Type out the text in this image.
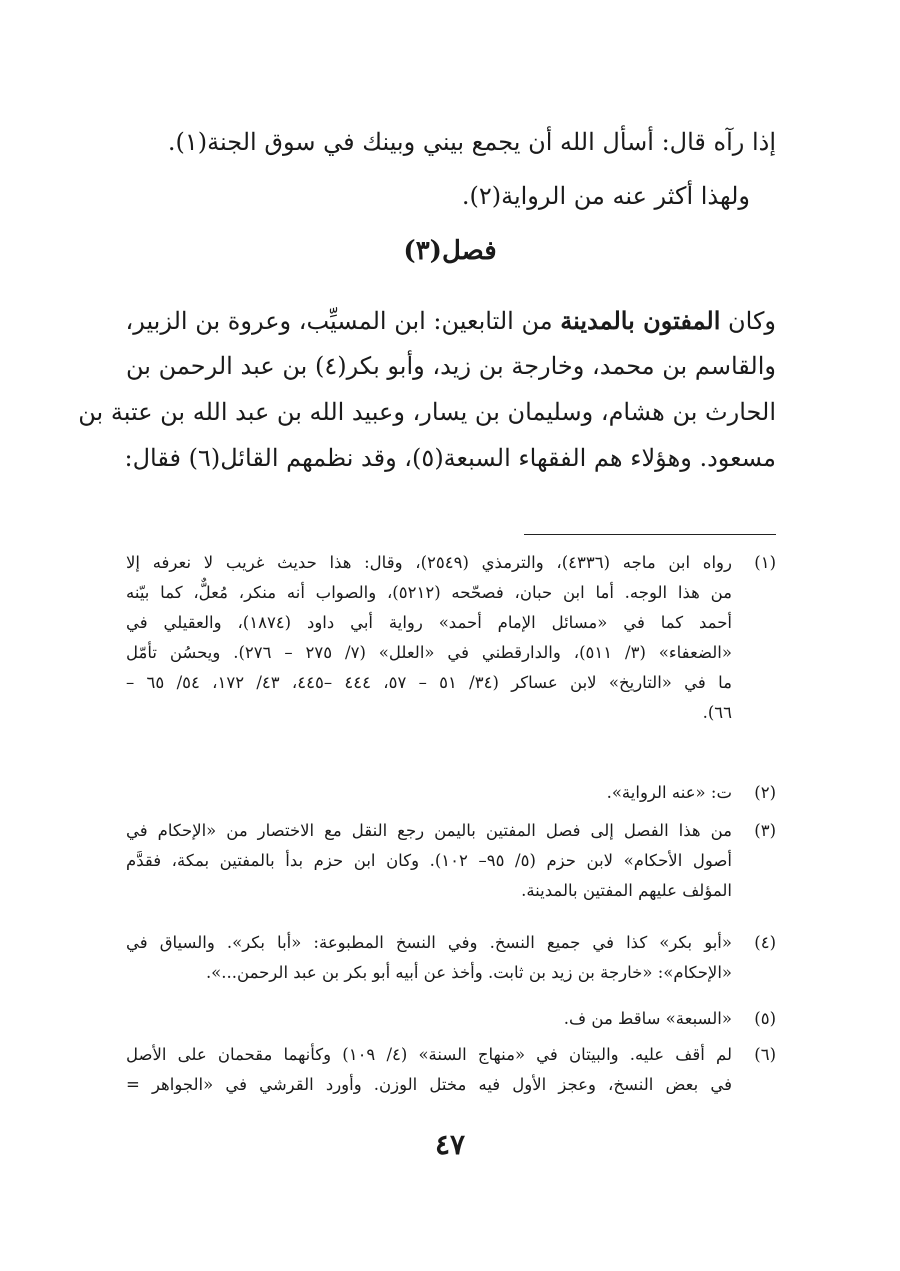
إذا رآه قال: أسأل الله أن يجمع بيني وبينك في سوق الجنة(١).
ولهذا أكثر عنه من الرواية(٢).
فصل(٣)
وكان المفتون بالمدينة من التابعين: ابن المسيِّب، وعروة بن الزبير،
والقاسم بن محمد، وخارجة بن زيد، وأبو بكر(٤) بن عبد الرحمن بن
الحارث بن هشام، وسليمان بن يسار، وعبيد الله بن عبد الله بن عتبة بن
مسعود. وهؤلاء هم الفقهاء السبعة(٥)، وقد نظمهم القائل(٦) فقال:
(١)
رواه ابن ماجه (٤٣٣٦)، والترمذي (٢٥٤٩)، وقال: هذا حديث غريب لا نعرفه إلا
من هذا الوجه. أما ابن حبان، فصحّحه (٥٢١٢)، والصواب أنه منكر، مُعلٌّ، كما بيّنه
أحمد كما في «مسائل الإمام أحمد» رواية أبي داود (١٨٧٤)، والعقيلي في
«الضعفاء» (٣/ ٥١١)، والدارقطني في «العلل» (٧/ ٢٧٥ – ٢٧٦). ويحسُن تأمّل
ما في «التاريخ» لابن عساكر (٣٤/ ٥١ – ٥٧، ٤٤٤ –٤٤٥، ٤٣/ ١٧٢، ٥٤/ ٦٥ –
٦٦).
(٢)
ت: «عنه الرواية».
(٣)
من هذا الفصل إلى فصل المفتين باليمن رجع النقل مع الاختصار من «الإحكام في
أصول الأحكام» لابن حزم (٥/ ٩٥– ١٠٢). وكان ابن حزم بدأ بالمفتين بمكة، فقدَّم
المؤلف عليهم المفتين بالمدينة.
(٤)
«أبو بكر» كذا في جميع النسخ. وفي النسخ المطبوعة: «أبا بكر». والسياق في
«الإحكام»: «خارجة بن زيد بن ثابت. وأخذ عن أبيه أبو بكر بن عبد الرحمن...».
(٥)
«السبعة» ساقط من ف.
(٦)
لم أقف عليه. والبيتان في «منهاج السنة» (٤/ ١٠٩) وكأنهما مقحمان على الأصل
في بعض النسخ، وعجز الأول فيه مختل الوزن. وأورد القرشي في «الجواهر =
٤٧
